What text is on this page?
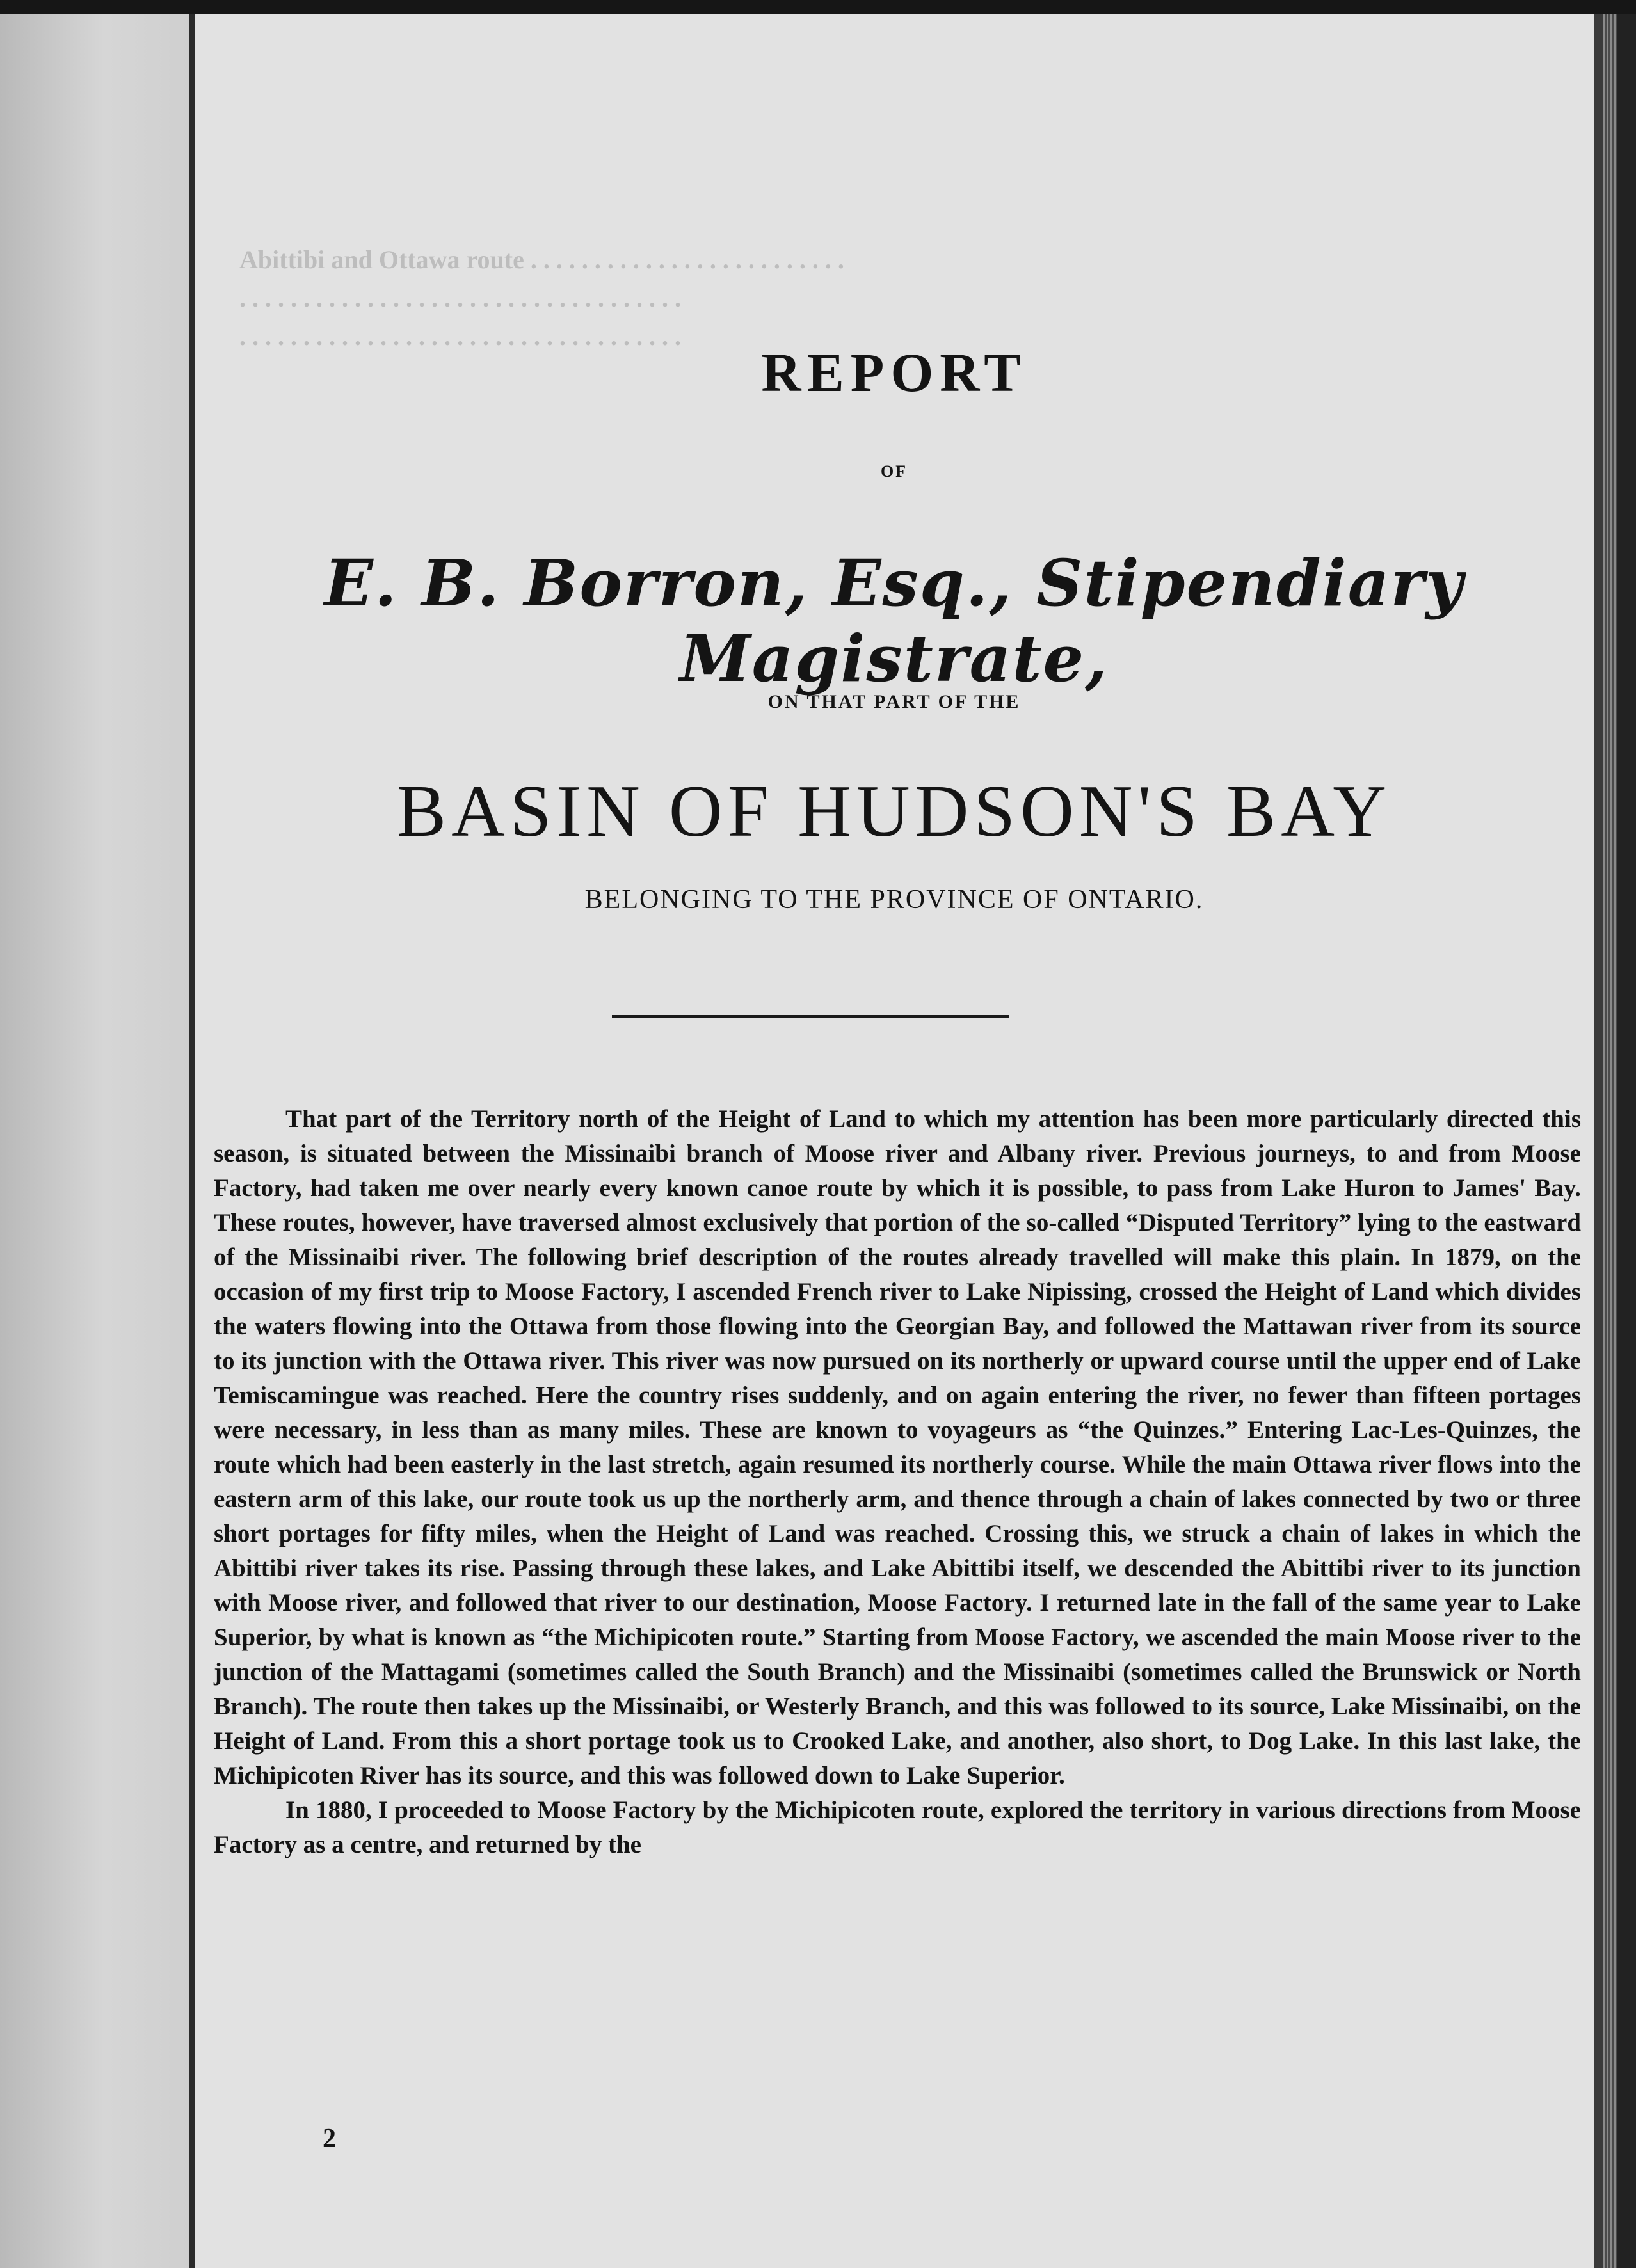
Abittibi and Ottawa route . . . . . . . . . . . . . . . . . . . . . . . . .
. . . . . . . . . . . . . . . . . . . . . . . . . . . . . . . . . . .
. . . . . . . . . . . . . . . . . . . . . . . . . . . . . . . . . . .
REPORT
OF
E. B. Borron, Esq., Stipendiary Magistrate,
ON THAT PART OF THE
BASIN OF HUDSON'S BAY
BELONGING TO THE PROVINCE OF ONTARIO.

That part of the Territory north of the Height of Land to which my attention has been more particularly directed this season, is situated between the Missinaibi branch of Moose river and Albany river. Previous journeys, to and from Moose Factory, had taken me over nearly every known canoe route by which it is possible, to pass from Lake Huron to James' Bay. These routes, however, have traversed almost exclusively that portion of the so-called “Disputed Territory” lying to the eastward of the Missinaibi river. The following brief description of the routes already travelled will make this plain. In 1879, on the occasion of my first trip to Moose Factory, I ascended French river to Lake Nipissing, crossed the Height of Land which divides the waters flowing into the Ottawa from those flowing into the Georgian Bay, and followed the Mattawan river from its source to its junction with the Ottawa river. This river was now pursued on its northerly or upward course until the upper end of Lake Temiscamingue was reached. Here the country rises suddenly, and on again entering the river, no fewer than fifteen portages were necessary, in less than as many miles. These are known to voyageurs as “the Quinzes.” Entering Lac-Les-Quinzes, the route which had been easterly in the last stretch, again resumed its northerly course. While the main Ottawa river flows into the eastern arm of this lake, our route took us up the northerly arm, and thence through a chain of lakes connected by two or three short portages for fifty miles, when the Height of Land was reached. Crossing this, we struck a chain of lakes in which the Abittibi river takes its rise. Passing through these lakes, and Lake Abittibi itself, we descended the Abittibi river to its junction with Moose river, and followed that river to our destination, Moose Factory. I returned late in the fall of the same year to Lake Superior, by what is known as “the Michipicoten route.” Starting from Moose Factory, we ascended the main Moose river to the junction of the Mattagami (sometimes called the South Branch) and the Missinaibi (sometimes called the Brunswick or North Branch). The route then takes up the Missinaibi, or Westerly Branch, and this was followed to its source, Lake Missinaibi, on the Height of Land. From this a short portage took us to Crooked Lake, and another, also short, to Dog Lake. In this last lake, the Michipicoten River has its source, and this was followed down to Lake Superior.

In 1880, I proceeded to Moose Factory by the Michipicoten route, explored the territory in various directions from Moose Factory as a centre, and returned by the

2
